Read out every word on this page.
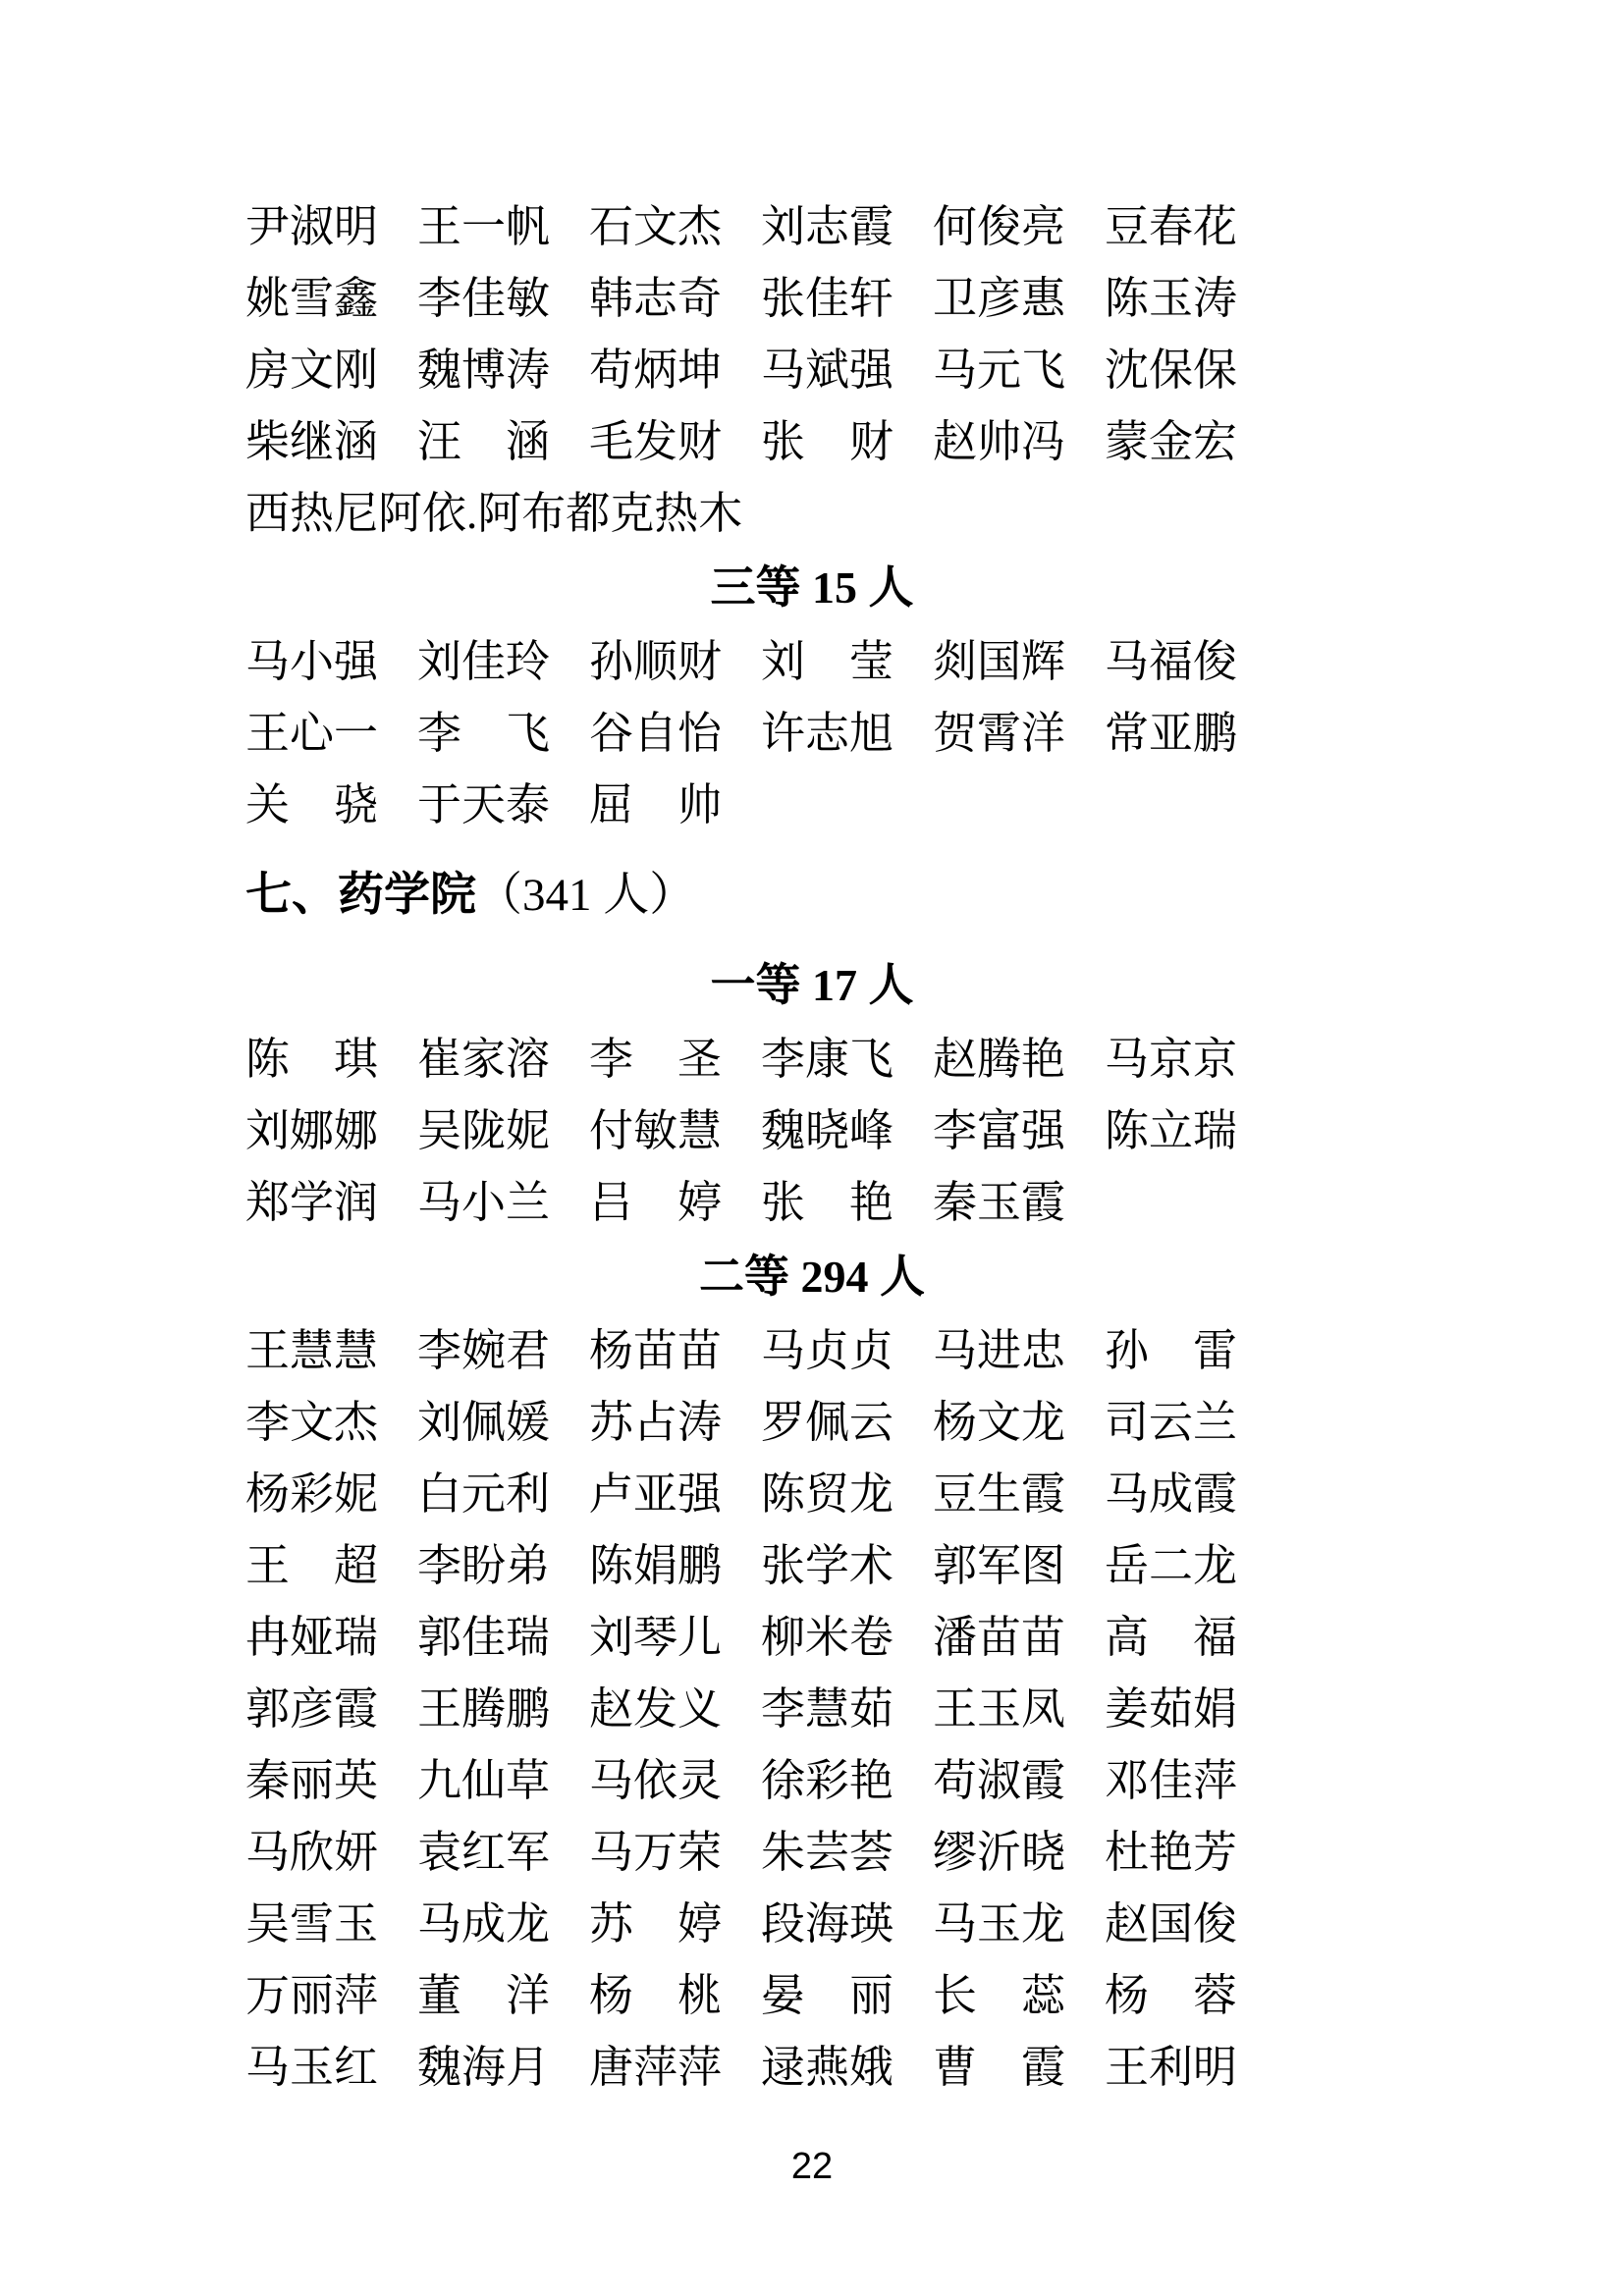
尹淑明 王一帆 石文杰 刘志霞 何俊亮 豆春花
姚雪鑫 李佳敏 韩志奇 张佳轩 卫彦惠 陈玉涛
房文刚 魏博涛 苟炳坤 马斌强 马元飞 沈保保
柴继涵 汪　涵 毛发财 张　财 赵帅冯 蒙金宏
西热尼阿依.阿布都克热木
三等 15 人
马小强 刘佳玲 孙顺财 刘　莹 剡国辉 马福俊
王心一 李　飞 谷自怡 许志旭 贺霄洋 常亚鹏
关　骁 于天泰 屈　帅
七、药学院（341 人）
一等 17 人
陈　琪 崔家溶 李　圣 李康飞 赵腾艳 马京京
刘娜娜 吴陇妮 付敏慧 魏晓峰 李富强 陈立瑞
郑学润 马小兰 吕　婷 张　艳 秦玉霞
二等 294 人
王慧慧 李婉君 杨苗苗 马贞贞 马进忠 孙　雷
李文杰 刘佩媛 苏占涛 罗佩云 杨文龙 司云兰
杨彩妮 白元利 卢亚强 陈贸龙 豆生霞 马成霞
王　超 李盼弟 陈娟鹏 张学术 郭军图 岳二龙
冉娅瑞 郭佳瑞 刘琴儿 柳米卷 潘苗苗 高　福
郭彦霞 王腾鹏 赵发义 李慧茹 王玉凤 姜茹娟
秦丽英 九仙草 马依灵 徐彩艳 苟淑霞 邓佳萍
马欣妍 袁红军 马万荣 朱芸荟 缪沂晓 杜艳芳
吴雪玉 马成龙 苏　婷 段海瑛 马玉龙 赵国俊
万丽萍 董　洋 杨　桃 晏　丽 长　蕊 杨　蓉
马玉红 魏海月 唐萍萍 逯燕娥 曹　霞 王利明
22
